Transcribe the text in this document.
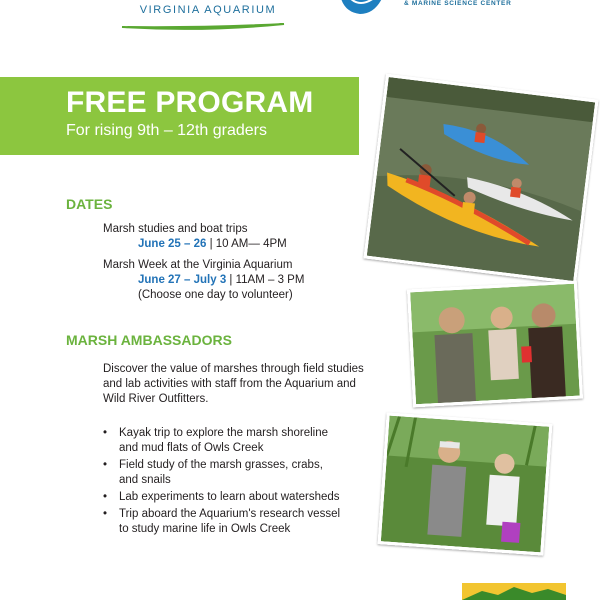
VIRGINIA AQUARIUM
& MARINE SCIENCE CENTER
FREE PROGRAM
For rising 9th – 12th graders
DATES
Marsh studies and boat trips
June 25 – 26 | 10 AM— 4PM
Marsh Week at the Virginia Aquarium
June 27 – July 3 | 11AM – 3 PM
(Choose one day to volunteer)
MARSH AMBASSADORS
Discover the value of marshes through field studies
and lab activities with staff from the Aquarium and
Wild River Outfitters.
• Kayak trip to explore the marsh shoreline
and mud flats of Owls Creek
• Field study of the marsh grasses, crabs,
and snails
• Lab experiments to learn about watersheds
• Trip aboard the Aquarium's research vessel
to study marine life in Owls Creek
